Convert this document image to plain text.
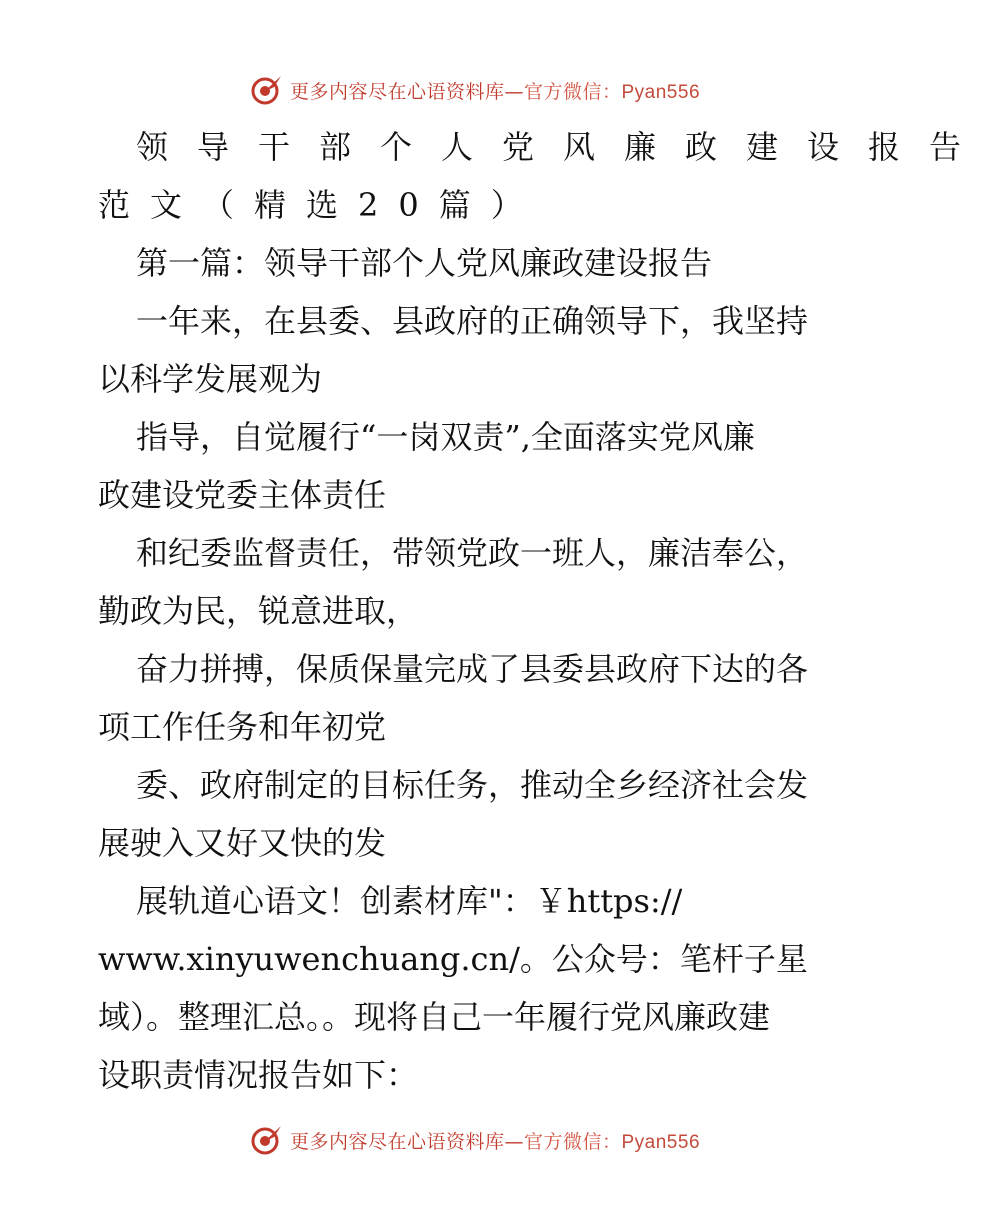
更多内容尽在心语资料库—官方微信：Pyan556
领导干部个人党风廉政建设报告
范文（精选20篇）
第一篇：领导干部个人党风廉政建设报告
一年来，在县委、县政府的正确领导下，我坚持
以科学发展观为
指导，自觉履行“一岗双责”,全面落实党风廉
政建设党委主体责任
和纪委监督责任，带领党政一班人，廉洁奉公，
勤政为民，锐意进取，
奋力拼搏，保质保量完成了县委县政府下达的各
项工作任务和年初党
委、政府制定的目标任务，推动全乡经济社会发
展驶入又好又快的发
展轨道心语文！创素材库"：￥https://
www.xinyuwenchuang.cn/。公众号：笔杆子星
域）。整理汇总。。现将自己一年履行党风廉政建
设职责情况报告如下：
更多内容尽在心语资料库—官方微信：Pyan556
